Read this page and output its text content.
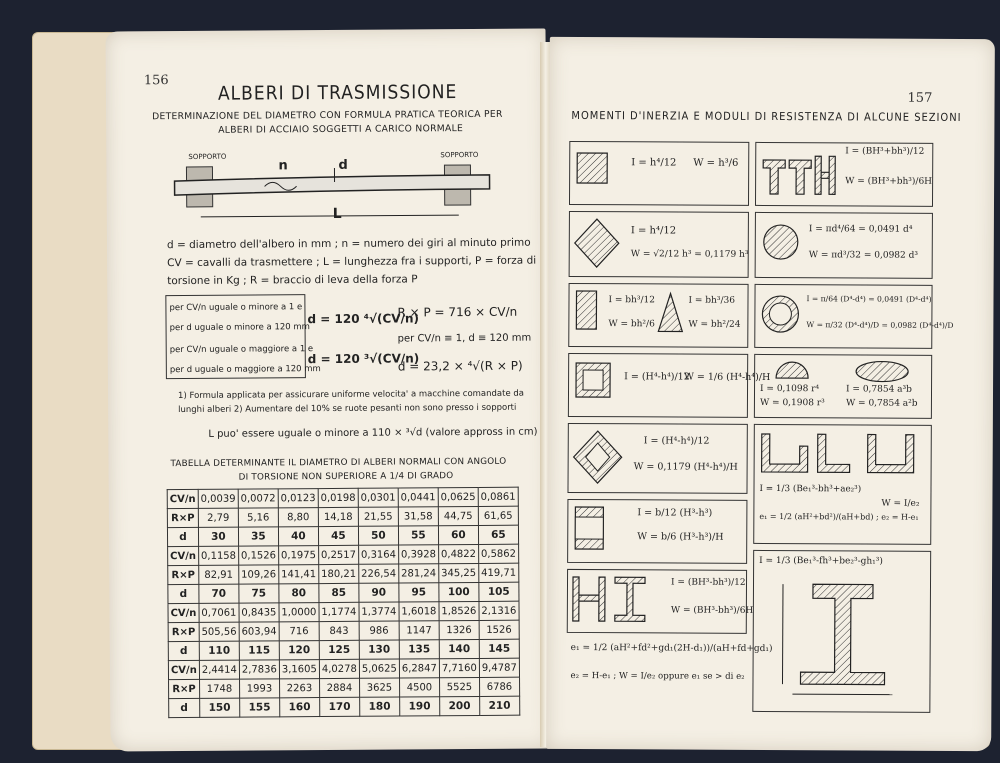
156
ALBERI DI TRASMISSIONE
DETERMINAZIONE DEL DIAMETRO CON FORMULA PRATICA TEORICA PER
ALBERI DI ACCIAIO SOGGETTI A CARICO NORMALE
SOPPORTO	SOPPORTO
n	d
L
d = diametro dell'albero in mm ; n = numero dei giri al minuto primo
CV = cavalli da trasmettere ; L = lunghezza fra i supporti, P = forza di
torsione in Kg ; R = braccio di leva della forza P
per CV/n uguale o minore a 1 e
per d uguale o minore a 120 mm
per CV/n uguale o maggiore a 1 e
per d uguale o maggiore a 120 mm
d = 120 ⁴√(CV/n)
d = 120 ³√(CV/n)
R × P = 716 × CV/n
per CV/n ≡ 1, d ≡ 120 mm
d = 23,2 × ⁴√(R × P)
1) Formula applicata per assicurare uniforme velocita' a macchine comandate da
lunghi alberi 2) Aumentare del 10% se ruote pesanti non sono presso i sopporti
L puo' essere uguale o minore a 110 × ³√d (valore appross in cm)
TABELLA DETERMINANTE IL DIAMETRO DI ALBERI NORMALI CON ANGOLO
DI TORSIONE NON SUPERIORE A 1/4 DI GRADO
CV/n	0,0039	0,0072	0,0123	0,0198	0,0301	0,0441	0,0625	0,0861
R×P	2,79	5,16	8,80	14,18	21,55	31,58	44,75	61,65
d	30	35	40	45	50	55	60	65
CV/n	0,1158	0,1526	0,1975	0,2517	0,3164	0,3928	0,4822	0,5862
R×P	82,91	109,26	141,41	180,21	226,54	281,24	345,25	419,71
d	70	75	80	85	90	95	100	105
CV/n	0,7061	0,8435	1,0000	1,1774	1,3774	1,6018	1,8526	2,1316
R×P	505,56	603,94	716	843	986	1147	1326	1526
d	110	115	120	125	130	135	140	145
CV/n	2,4414	2,7836	3,1605	4,0278	5,0625	6,2847	7,7160	9,4787
R×P	1748	1993	2263	2884	3625	4500	5525	6786
d	150	155	160	170	180	190	200	210
157
MOMENTI D'INERZIA E MODULI DI RESISTENZA DI ALCUNE SEZIONI
I = h⁴/12 W = h³/6
I = (BH³+bh³)/12
W = (BH³+bh³)/6H
I = h⁴/12
W = √2/12 h³ = 0,1179 h³
I = πd⁴/64 = 0,0491 d⁴
W = πd³/32 = 0,0982 d³
I = bh³/12
W = bh²/6
I = bh³/36
W = bh²/24
I = π/64 (D⁴-d⁴) = 0,0491 (D⁴-d⁴)
W = π/32 (D⁴-d⁴)/D = 0,0982 (D⁴-d⁴)/D
I = (H⁴-h⁴)/12
W = 1/6 (H⁴-h⁴)/H
I = 0,1098 r⁴
W = 0,1908 r³
I = 0,7854 a³b
W = 0,7854 a²b
I = (H⁴-h⁴)/12
W = 0,1179 (H⁴-h⁴)/H
I = 1/3 (Be₁³-bh³+ae₂³)
W = I/e₂
e₁ = 1/2 (aH²+bd²)/(aH+bd) ; e₂ = H-e₁
I = b/12 (H³-h³)
W = b/6 (H³-h³)/H
I = (BH³-bh³)/12
W = (BH³-bh³)/6H
I = 1/3 (Be₁³-fh³+be₂³-gh₁³)
e₁ = 1/2 (aH²+fd²+gd₁(2H-d₁))/(aH+fd+gd₁)
e₂ = H-e₁ ; W = I/e₂ oppure e₁ se > di e₂
